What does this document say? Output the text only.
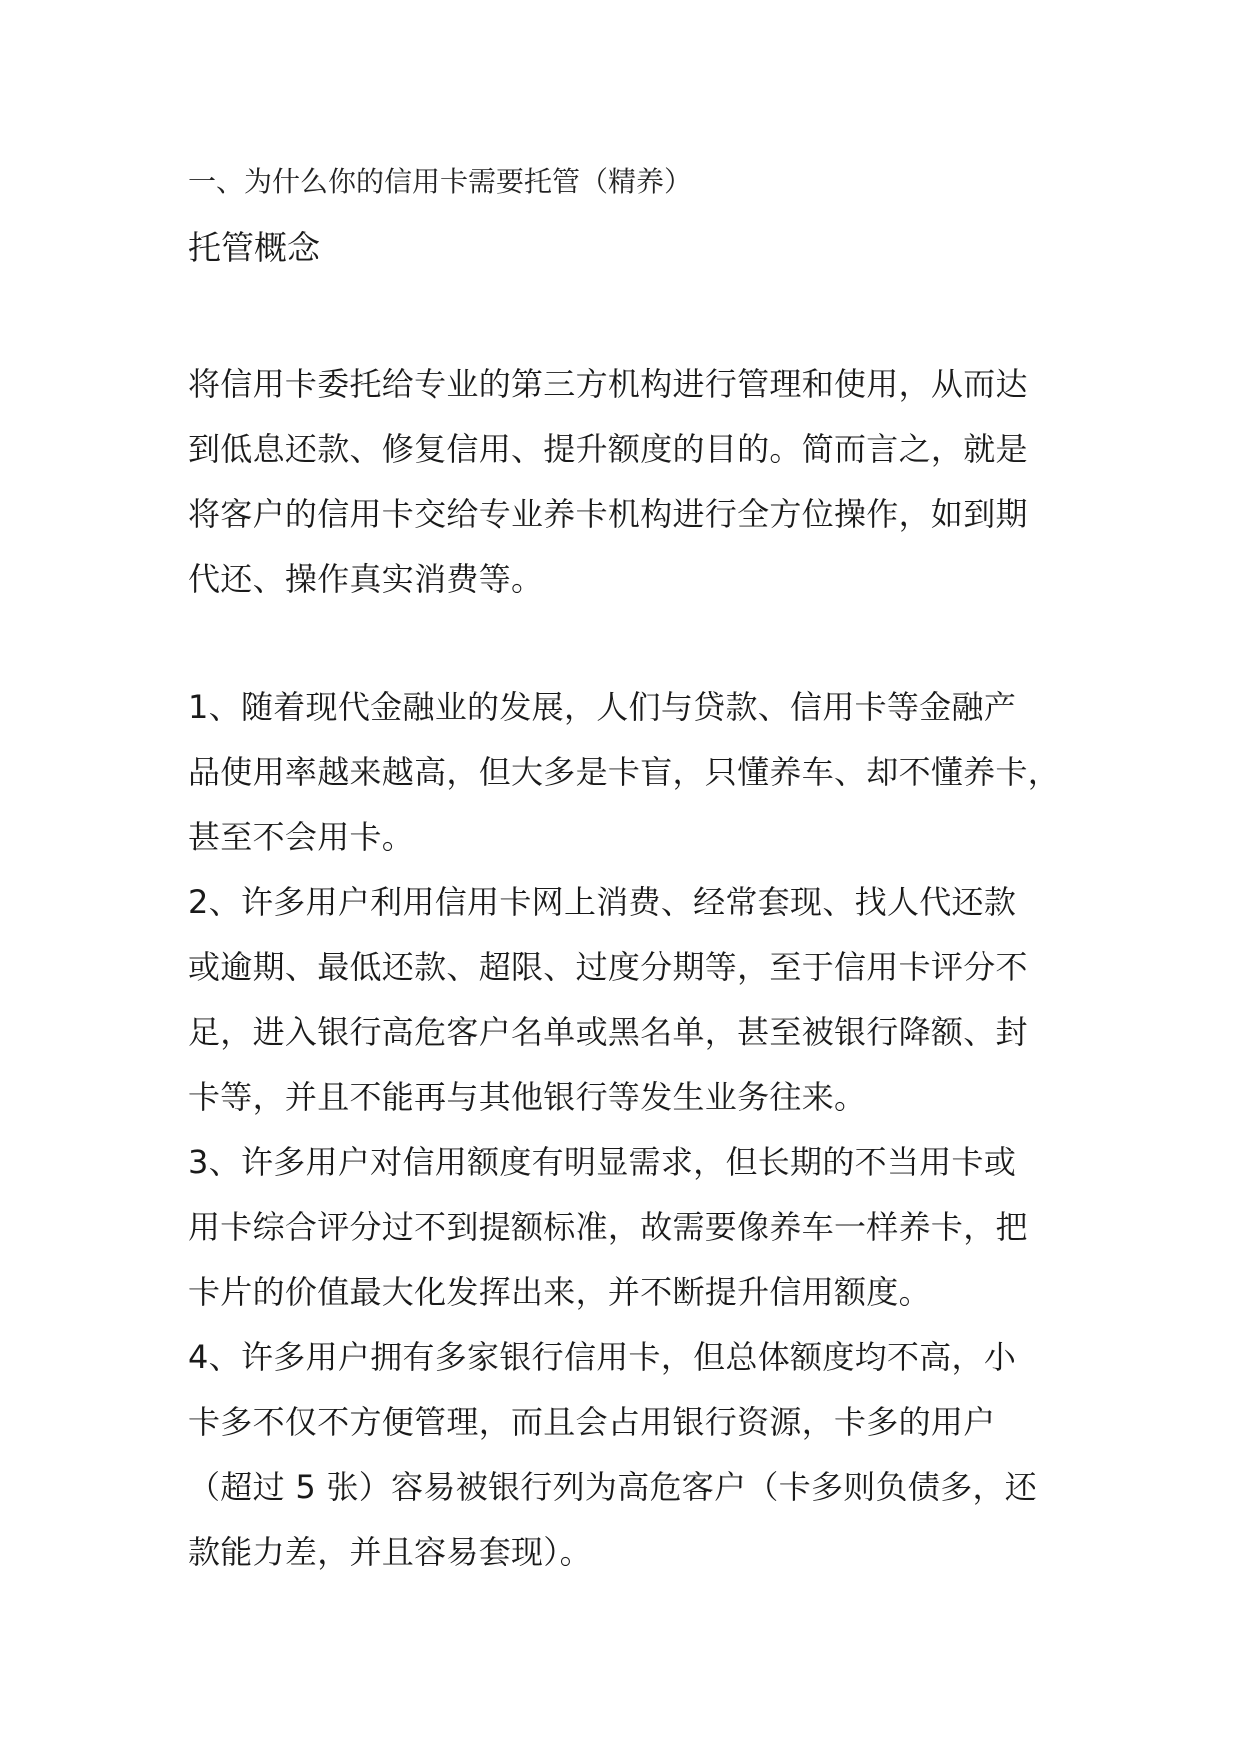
一、为什么你的信用卡需要托管（精养）
托管概念
将信用卡委托给专业的第三方机构进行管理和使用，从而达
到低息还款、修复信用、提升额度的目的。简而言之，就是
将客户的信用卡交给专业养卡机构进行全方位操作，如到期
代还、操作真实消费等。
1、随着现代金融业的发展，人们与贷款、信用卡等金融产
品使用率越来越高，但大多是卡盲，只懂养车、却不懂养卡，
甚至不会用卡。
2、许多用户利用信用卡网上消费、经常套现、找人代还款
或逾期、最低还款、超限、过度分期等，至于信用卡评分不
足，进入银行高危客户名单或黑名单，甚至被银行降额、封
卡等，并且不能再与其他银行等发生业务往来。
3、许多用户对信用额度有明显需求，但长期的不当用卡或
用卡综合评分过不到提额标准，故需要像养车一样养卡，把
卡片的价值最大化发挥出来，并不断提升信用额度。
4、许多用户拥有多家银行信用卡，但总体额度均不高，小
卡多不仅不方便管理，而且会占用银行资源，卡多的用户
（超过 5 张）容易被银行列为高危客户（卡多则负债多，还
款能力差，并且容易套现）。
